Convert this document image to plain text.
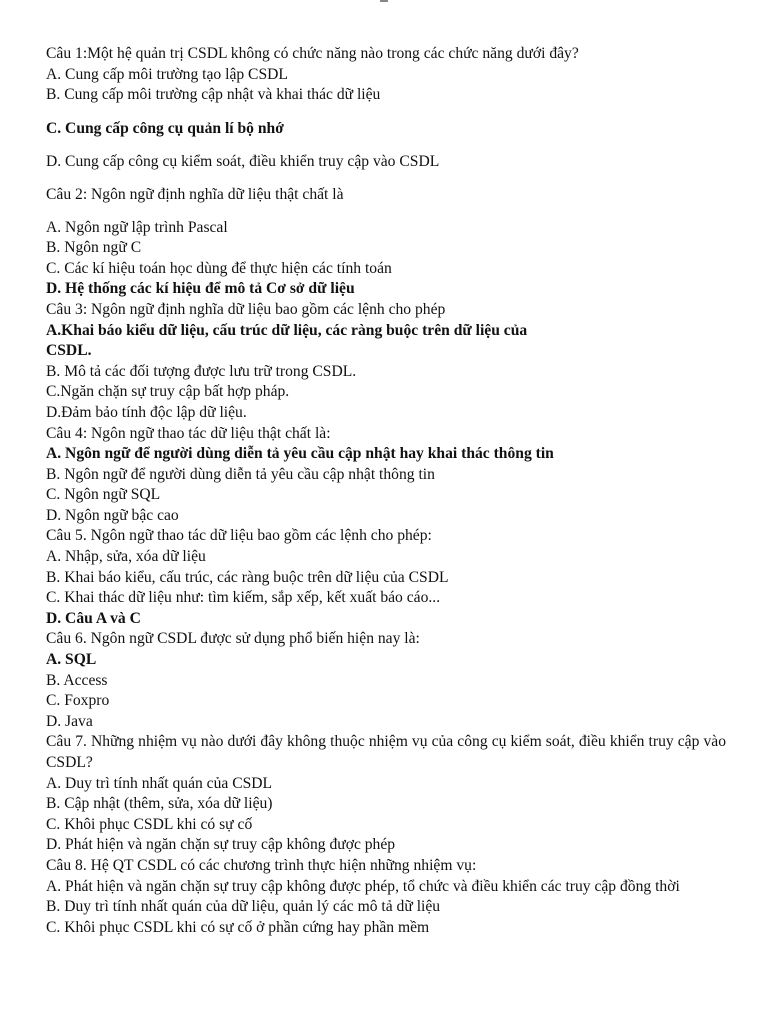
Câu 1:Một hệ quản trị CSDL không có chức năng nào trong các chức năng dưới đây?
A. Cung cấp môi trường tạo lập CSDL
B. Cung cấp môi trường cập nhật và khai thác dữ liệu
C. Cung cấp công cụ quản lí bộ nhớ
D. Cung cấp công cụ kiểm soát, điều khiển truy cập vào CSDL
Câu 2: Ngôn ngữ định nghĩa dữ liệu thật chất là
A. Ngôn ngữ lập trình Pascal
B. Ngôn ngữ C
C. Các kí hiệu toán học dùng để thực hiện các tính toán
D. Hệ thống các kí hiệu để mô tả Cơ sở dữ liệu
Câu 3: Ngôn ngữ định nghĩa dữ liệu bao gồm các lệnh cho phép
A.Khai báo kiểu dữ liệu, cấu trúc dữ liệu, các ràng buộc trên dữ liệu của
CSDL.
B. Mô tả các đối tượng được lưu trữ trong CSDL.
C.Ngăn chặn sự truy cập bất hợp pháp.
D.Đảm bảo tính độc lập dữ liệu.
Câu 4: Ngôn ngữ thao tác dữ liệu thật chất là:
A. Ngôn ngữ để người dùng diễn tả yêu cầu cập nhật hay khai thác thông tin
B. Ngôn ngữ để người dùng diễn tả yêu cầu cập nhật thông tin
C. Ngôn ngữ SQL
D. Ngôn ngữ bậc cao
Câu 5. Ngôn ngữ thao tác dữ liệu bao gồm các lệnh cho phép:
A. Nhập, sửa, xóa dữ liệu
B. Khai báo kiểu, cấu trúc, các ràng buộc trên dữ liệu của CSDL
C. Khai thác dữ liệu như: tìm kiếm, sắp xếp, kết xuất báo cáo...
D. Câu A và C
Câu 6. Ngôn ngữ CSDL được sử dụng phổ biến hiện nay là:
A. SQL
B. Access
C. Foxpro
D. Java
Câu 7. Những nhiệm vụ nào dưới đây không thuộc nhiệm vụ của công cụ kiểm soát, điều khiển truy cập vào CSDL?
A. Duy trì tính nhất quán của CSDL
B. Cập nhật (thêm, sửa, xóa dữ liệu)
C. Khôi phục CSDL khi có sự cố
D. Phát hiện và ngăn chặn sự truy cập không được phép
Câu 8. Hệ QT CSDL có các chương trình thực hiện những nhiệm vụ:
A. Phát hiện và ngăn chặn sự truy cập không được phép, tổ chức và điều khiển các truy cập đồng thời
B. Duy trì tính nhất quán của dữ liệu, quản lý các mô tả dữ liệu
C. Khôi phục CSDL khi có sự cố ở phần cứng hay phần mềm
